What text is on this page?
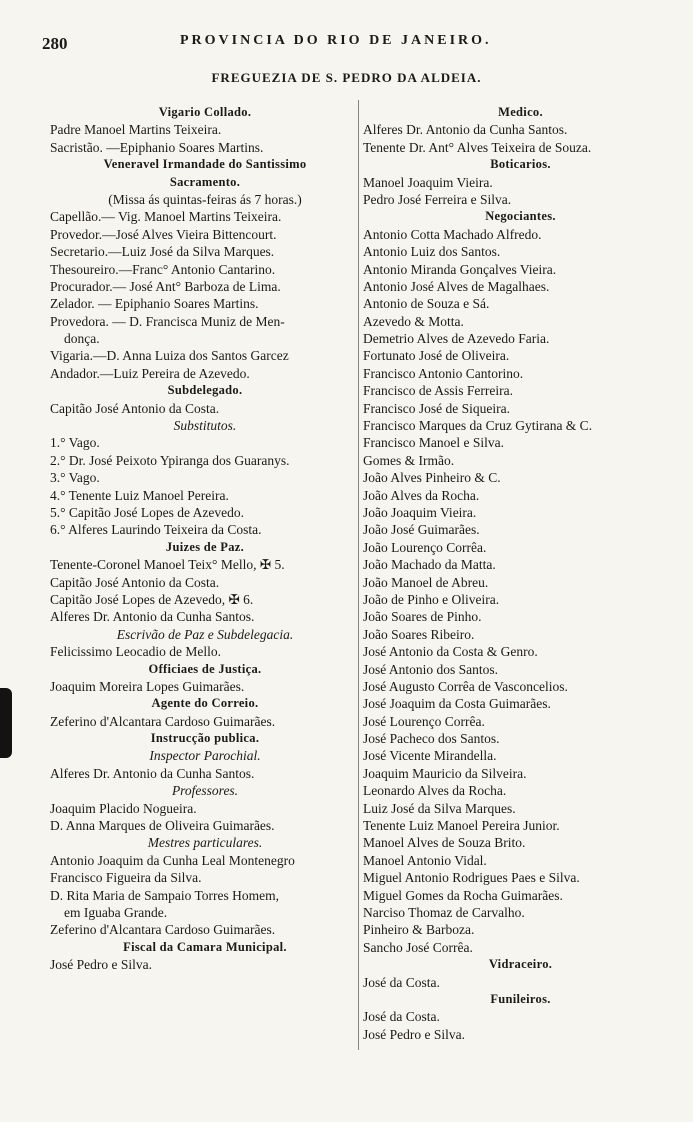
280	PROVINCIA DO RIO DE JANEIRO.
FREGUEZIA DE S. PEDRO DA ALDEIA.
Vigario Collado.
Padre Manoel Martins Teixeira.
Sacristão. —Epiphanio Soares Martins.
Veneravel Irmandade do Santissimo
Sacramento.
(Missa ás quintas-feiras ás 7 horas.)
Capellão.— Vig. Manoel Martins Teixeira.
Provedor.—José Alves Vieira Bittencourt.
Secretario.—Luiz José da Silva Marques.
Thesoureiro.—Franc° Antonio Cantarino.
Procurador.— José Ant° Barboza de Lima.
Zelador. — Epiphanio Soares Martins.
Provedora. — D. Francisca Muniz de Men-
donça.
Vigaria.—D. Anna Luiza dos Santos Garcez
Andador.—Luiz Pereira de Azevedo.
Subdelegado.
Capitão José Antonio da Costa.
Substitutos.
1.° Vago.
2.° Dr. José Peixoto Ypiranga dos Guaranys.
3.° Vago.
4.° Tenente Luiz Manoel Pereira.
5.° Capitão José Lopes de Azevedo.
6.° Alferes Laurindo Teixeira da Costa.
Juizes de Paz.
Tenente-Coronel Manoel Teix° Mello, ✠ 5.
Capitão José Antonio da Costa.
Capitão José Lopes de Azevedo, ✠ 6.
Alferes Dr. Antonio da Cunha Santos.
Escrivão de Paz e Subdelegacia.
Felicissimo Leocadio de Mello.
Officiaes de Justiça.
Joaquim Moreira Lopes Guimarães.
Agente do Correio.
Zeferino d'Alcantara Cardoso Guimarães.
Instrucção publica.
Inspector Parochial.
Alferes Dr. Antonio da Cunha Santos.
Professores.
Joaquim Placido Nogueira.
D. Anna Marques de Oliveira Guimarães.
Mestres particulares.
Antonio Joaquim da Cunha Leal Montenegro
Francisco Figueira da Silva.
D. Rita Maria de Sampaio Torres Homem,
em Iguaba Grande.
Zeferino d'Alcantara Cardoso Guimarães.
Fiscal da Camara Municipal.
José Pedro e Silva.
Medico.
Alferes Dr. Antonio da Cunha Santos.
Tenente Dr. Ant° Alves Teixeira de Souza.
Boticarios.
Manoel Joaquim Vieira.
Pedro José Ferreira e Silva.
Negociantes.
Antonio Cotta Machado Alfredo.
Antonio Luiz dos Santos.
Antonio Miranda Gonçalves Vieira.
Antonio José Alves de Magalhaes.
Antonio de Souza e Sá.
Azevedo & Motta.
Demetrio Alves de Azevedo Faria.
Fortunato José de Oliveira.
Francisco Antonio Cantorino.
Francisco de Assis Ferreira.
Francisco José de Siqueira.
Francisco Marques da Cruz Gytirana & C.
Francisco Manoel e Silva.
Gomes & Irmão.
João Alves Pinheiro & C.
João Alves da Rocha.
João Joaquim Vieira.
João José Guimarães.
João Lourenço Corrêa.
João Machado da Matta.
João Manoel de Abreu.
João de Pinho e Oliveira.
João Soares de Pinho.
João Soares Ribeiro.
José Antonio da Costa & Genro.
José Antonio dos Santos.
José Augusto Corrêa de Vasconcelios.
José Joaquim da Costa Guimarães.
José Lourenço Corrêa.
José Pacheco dos Santos.
José Vicente Mirandella.
Joaquim Mauricio da Silveira.
Leonardo Alves da Rocha.
Luiz José da Silva Marques.
Tenente Luiz Manoel Pereira Junior.
Manoel Alves de Souza Brito.
Manoel Antonio Vidal.
Miguel Antonio Rodrigues Paes e Silva.
Miguel Gomes da Rocha Guimarães.
Narciso Thomaz de Carvalho.
Pinheiro & Barboza.
Sancho José Corrêa.
Vidraceiro.
José da Costa.
Funileiros.
José da Costa.
José Pedro e Silva.
